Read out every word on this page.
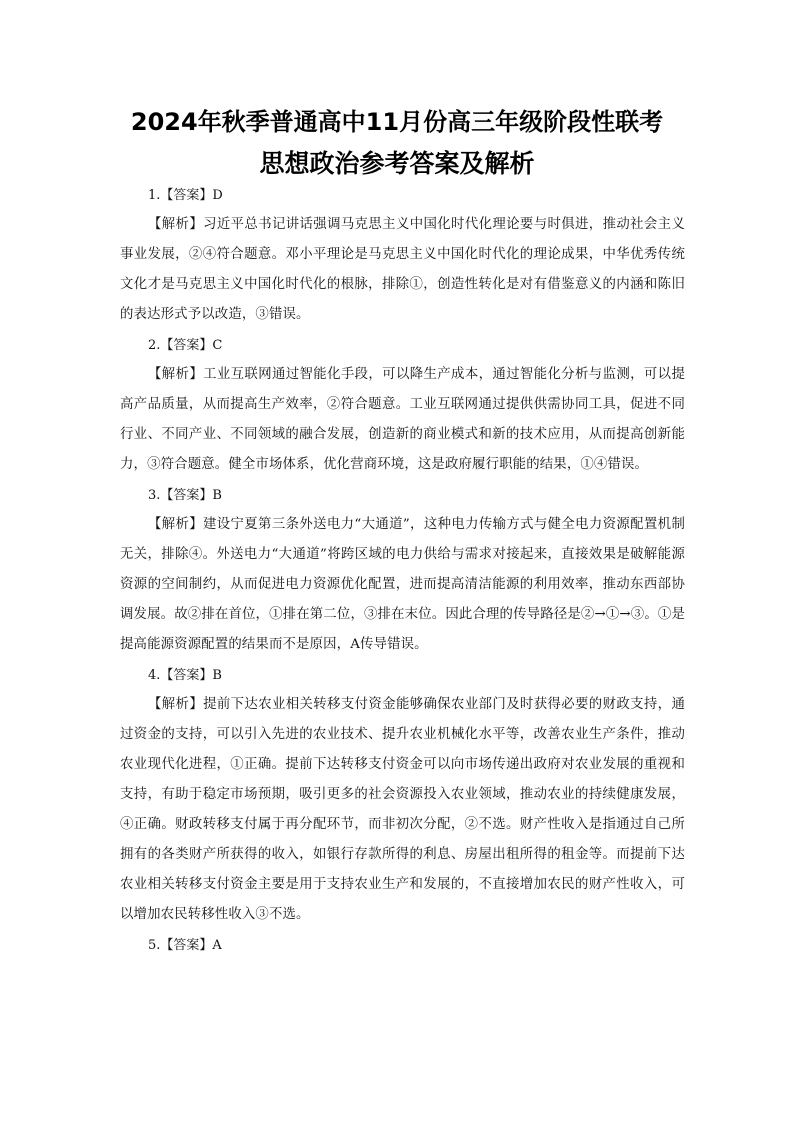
2024年秋季普通高中11月份高三年级阶段性联考
思想政治参考答案及解析

1.【答案】D

【解析】习近平总书记讲话强调马克思主义中国化时代化理论要与时俱进，推动社会主义事业发展，②④符合题意。邓小平理论是马克思主义中国化时代化的理论成果，中华优秀传统文化才是马克思主义中国化时代化的根脉，排除①，创造性转化是对有借鉴意义的内涵和陈旧的表达形式予以改造，③错误。

2.【答案】C

【解析】工业互联网通过智能化手段，可以降生产成本，通过智能化分析与监测，可以提高产品质量，从而提高生产效率，②符合题意。工业互联网通过提供供需协同工具，促进不同行业、不同产业、不同领域的融合发展，创造新的商业模式和新的技术应用，从而提高创新能力，③符合题意。健全市场体系，优化营商环境，这是政府履行职能的结果，①④错误。

3.【答案】B

【解析】建设宁夏第三条外送电力“大通道”，这种电力传输方式与健全电力资源配置机制无关，排除④。外送电力“大通道”将跨区域的电力供给与需求对接起来，直接效果是破解能源资源的空间制约，从而促进电力资源优化配置，进而提高清洁能源的利用效率，推动东西部协调发展。故②排在首位，①排在第二位，③排在末位。因此合理的传导路径是②→①→③。①是提高能源资源配置的结果而不是原因，A传导错误。

4.【答案】B

【解析】提前下达农业相关转移支付资金能够确保农业部门及时获得必要的财政支持，通过资金的支持，可以引入先进的农业技术、提升农业机械化水平等，改善农业生产条件，推动农业现代化进程，①正确。提前下达转移支付资金可以向市场传递出政府对农业发展的重视和支持，有助于稳定市场预期，吸引更多的社会资源投入农业领域，推动农业的持续健康发展，④正确。财政转移支付属于再分配环节，而非初次分配，②不选。财产性收入是指通过自己所拥有的各类财产所获得的收入，如银行存款所得的利息、房屋出租所得的租金等。而提前下达农业相关转移支付资金主要是用于支持农业生产和发展的，不直接增加农民的财产性收入，可以增加农民转移性收入③不选。

5.【答案】A
